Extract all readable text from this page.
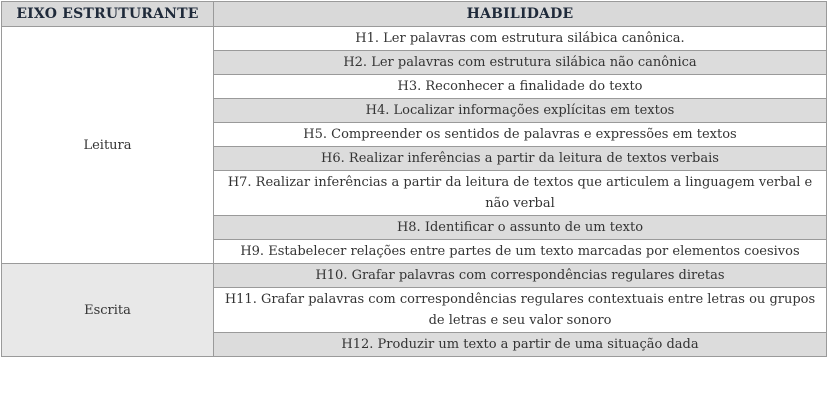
EIXO ESTRUTURANTE	HABILIDADE
Leitura	H1. Ler palavras com estrutura silábica canônica.
	H2. Ler palavras com estrutura silábica não canônica
	H3. Reconhecer a finalidade do texto
	H4. Localizar informações explícitas em textos
	H5. Compreender os sentidos de palavras e expressões em textos
	H6. Realizar inferências a partir da leitura de textos verbais
	H7. Realizar inferências a partir da leitura de textos que articulem a linguagem verbal e não verbal
	H8. Identificar o assunto de um texto
	H9. Estabelecer relações entre partes de um texto marcadas por elementos coesivos
Escrita	H10. Grafar palavras com correspondências regulares diretas
	H11. Grafar palavras com correspondências regulares contextuais entre letras ou grupos de letras e seu valor sonoro
	H12. Produzir um texto a partir de uma situação dada
